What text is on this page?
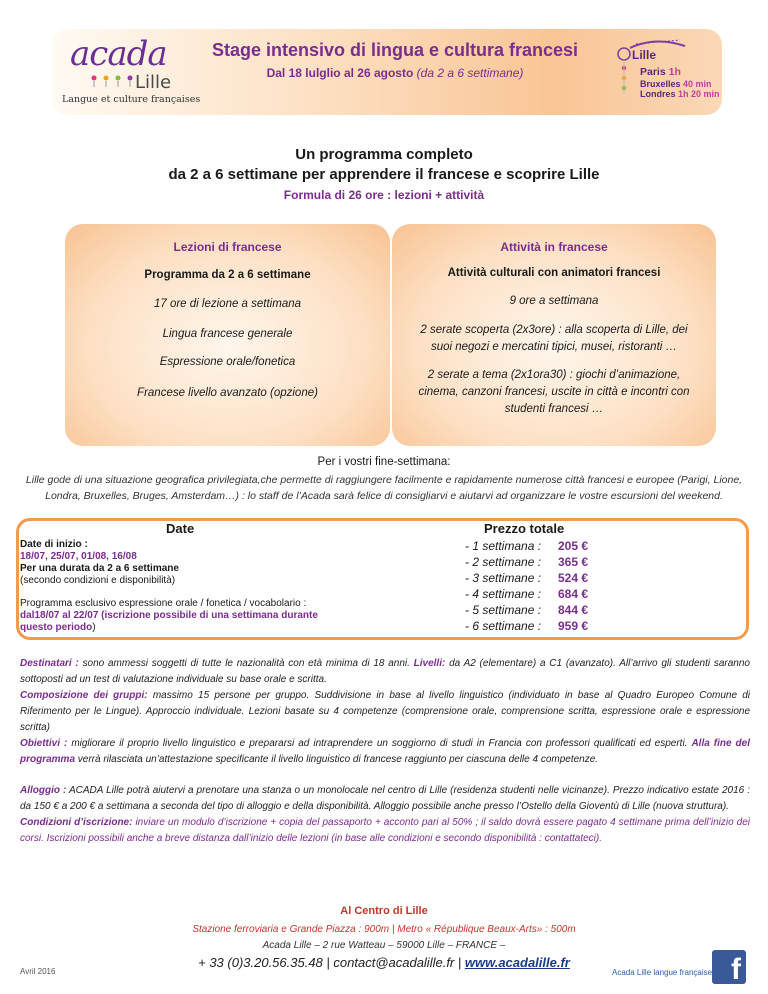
acada
Lille
Langue et culture françaises
Stage intensivo di lingua e cultura francesi
Dal 18 lulglio al 26 agosto (da 2 a 6 settimane)
Lille
Paris 1h
Bruxelles 40 min
Londres 1h 20 min
Un programma completo
da 2 a 6 settimane per apprendere il francese e scoprire Lille
Formula di 26 ore : lezioni + attività
Lezioni di francese
Programma da 2 a 6 settimane
17 ore di lezione a settimana
Lingua francese generale
Espressione orale/fonetica
Francese livello avanzato (opzione)
Attività in francese
Attività culturali con animatori francesi
9 ore a settimana
2 serate scoperta (2x3ore) : alla scoperta di Lille, dei
suoi negozi e mercatini tipici, musei, ristoranti …
2 serate a tema (2x1ora30) : giochi d’animazione,
cinema, canzoni francesi, uscite in città e incontri con
studenti francesi …
Per i vostri fine-settimana:
Lille gode di una situazione geografica privilegiata,che permette di raggiungere facilmente e rapidamente numerose città francesi e europee (Parigi, Lione,
Londra, Bruxelles, Bruges, Amsterdam…) : lo staff de l’Acada sarà felice di consigliarvi e aiutarvi ad organizzare le vostre escursioni del weekend.
Date
Date di inizio :
18/07, 25/07, 01/08, 16/08
Per una durata da 2 a 6 settimane
(secondo condizioni e disponibilità)
Programma esclusivo espressione orale / fonetica / vocabolario :
dal18/07 al 22/07 (iscrizione possibile di una settimana durante
questo periodo)
Prezzo totale
- 1 settimana : 205 €
- 2 settimane : 365 €
- 3 settimane : 524 €
- 4 settimane : 684 €
- 5 settimane : 844 €
- 6 settimane : 959 €
Destinatari : sono ammessi soggetti di tutte le nazionalità con età minima di 18 anni. Livelli: da A2 (elementare) a C1 (avanzato). All’arrivo gli studenti saranno sottoposti ad un test di valutazione individuale su base orale e scritta.
Composizione dei gruppi: massimo 15 persone per gruppo. Suddivisione in base al livello linguistico (individuato in base al Quadro Europeo Comune di Riferimento per le Lingue). Approccio individuale. Lezioni basate su 4 competenze (comprensione orale, comprensione scritta, espressione orale e espressione scritta)
Obiettivi : migliorare il proprio livello linguistico e prepararsi ad intraprendere un soggiorno di studi in Francia con professori qualificati ed esperti. Alla fine del programma verrà rilasciata un’attestazione specificante il livello linguistico di francese raggiunto per ciascuna delle 4 competenze.
Alloggio : ACADA Lille potrà aiutervi a prenotare una stanza o un monolocale nel centro di Lille (residenza studenti nelle vicinanze). Prezzo indicativo estate 2016 : da 150 € a 200 € a settimana a seconda del tipo di alloggio e della disponibilità. Alloggio possibile anche presso l’Ostello della Gioventù di Lille (nuova struttura).
Condizioni d’iscrizione: inviare un modulo d’iscrizione + copia del passaporto + acconto pari al 50% ; il saldo dovrà essere pagato 4 settimane prima dell’inizio dei corsi. Iscrizioni possibili anche a breve distanza dall’inizio delle lezioni (in base alle condizioni e secondo disponibilità : contattateci).
Al Centro di Lille
Stazione ferroviaria e Grande Piazza : 900m | Metro « République Beaux-Arts» : 500m
Acada Lille – 2 rue Watteau – 59000 Lille – FRANCE –
+ 33 (0)3.20.56.35.48 | contact@acadalille.fr | www.acadalille.fr
Avril 2016	Acada Lille langue française f
